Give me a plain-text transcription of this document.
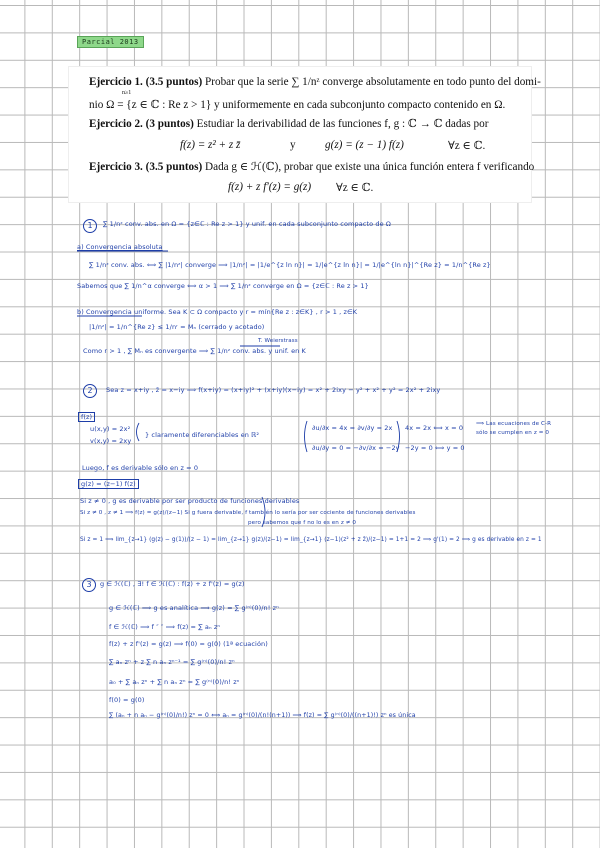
Parcial 2013
Ejercicio 1. (3.5 puntos) Probar que la serie ∑ 1/nᶻ converge absolutamente en todo punto del domi-
n≥1
nio Ω = {z ∈ ℂ : Re z > 1} y uniformemente en cada subconjunto compacto contenido en Ω.
Ejercicio 2. (3 puntos) Estudiar la derivabilidad de las funciones f, g : ℂ → ℂ dadas por
f(z) = z² + z z̄	y	g(z) = (z − 1) f(z)	∀z ∈ ℂ.
Ejercicio 3. (3.5 puntos) Dada g ∈ ℋ(ℂ), probar que existe una única función entera f verificando
f(z) + z f′(z) = g(z) ∀z ∈ ℂ.
1	∑ 1/nᶻ conv. abs. en Ω = {z∈ℂ : Re z > 1} y unif. en cada subconjunto compacto de Ω
a) Convergencia absoluta
∑ 1/nᶻ conv. abs. ⟺ ∑ |1/nᶻ| converge ⟹ |1/nᶻ| = |1/e^{z ln n}| = 1/|e^{z ln n}| = 1/|e^{ln n}|^{Re z} = 1/n^{Re z}
Sabemos que ∑ 1/n^α converge ⟺ α > 1 ⟹ ∑ 1/nᶻ converge en Ω = {z∈ℂ : Re z > 1}
b) Convergencia uniforme. Sea K ⊂ Ω compacto y r = mín{Re z : z∈K} , r > 1 , z∈K
|1/nᶻ| = 1/n^{Re z} ≤ 1/nʳ = Mₙ (cerrado y acotado)
T. Weierstrass
Como r > 1 , ∑ Mₙ es convergente ⟹ ∑ 1/nᶻ conv. abs. y unif. en K
2	Sea z = x+iy , z̄ = x−iy ⟹ f(x+iy) = (x+iy)² + (x+iy)(x−iy) = x² + 2ixy − y² + x² + y² = 2x² + 2ixy
f(z)
u(x,y) = 2x²
v(x,y) = 2xy
} claramente diferenciables en ℝ²
∂u/∂x = 4x = ∂v/∂y = 2x
∂u/∂y = 0 = −∂v/∂x = −2y
4x = 2x ⟺ x = 0
−2y = 0 ⟺ y = 0
⟹ Las ecuaciones de C-R sólo se cumplen en z = 0
Luego, f es derivable sólo en z = 0
g(z) = (z−1) f(z)
Si z ≠ 0 , g es derivable por ser producto de funciones derivables
Si z ≠ 0 , z ≠ 1 ⟹ f(z) = g(z)/(z−1) Si g fuera derivable, f también lo sería por ser cociente de funciones derivables
pero sabemos que f no lo es en z ≠ 0
Si z = 1 ⟹ lim_{z→1} (g(z) − g(1))/(z − 1) = lim_{z→1} g(z)/(z−1) = lim_{z→1} (z−1)(z² + z z̄)/(z−1) = 1+1 = 2 ⟹ g'(1) = 2 ⟹ g es derivable en z = 1
3	g ∈ ℋ(ℂ) , ∃! f ∈ ℋ(ℂ) : f(z) + z f'(z) = g(z)
g ∈ ℋ(ℂ) ⟹ g es analítica ⟹ g(z) = ∑ g⁽ⁿ⁾(0)/n! zⁿ
f ∈ ℋ(ℂ) ⟹ f ″ ″ ⟹ f(z) = ∑ aₙ zⁿ
f(z) + z f'(z) = g(z) ⟹ f(0) = g(0) (1ª ecuación)
∑ aₙ zⁿ + z ∑ n aₙ zⁿ⁻¹ = ∑ g⁽ⁿ⁾(0)/n! zⁿ
a₀ + ∑ aₙ zⁿ + ∑ n aₙ zⁿ = ∑ g⁽ⁿ⁾(0)/n! zⁿ
f(0) = g(0)
∑ (aₙ + n aₙ − g⁽ⁿ⁾(0)/n!) zⁿ = 0 ⟺ aₙ = g⁽ⁿ⁾(0)/(n!(n+1)) ⟹ f(z) = ∑ g⁽ⁿ⁾(0)/((n+1)!) zⁿ es única
